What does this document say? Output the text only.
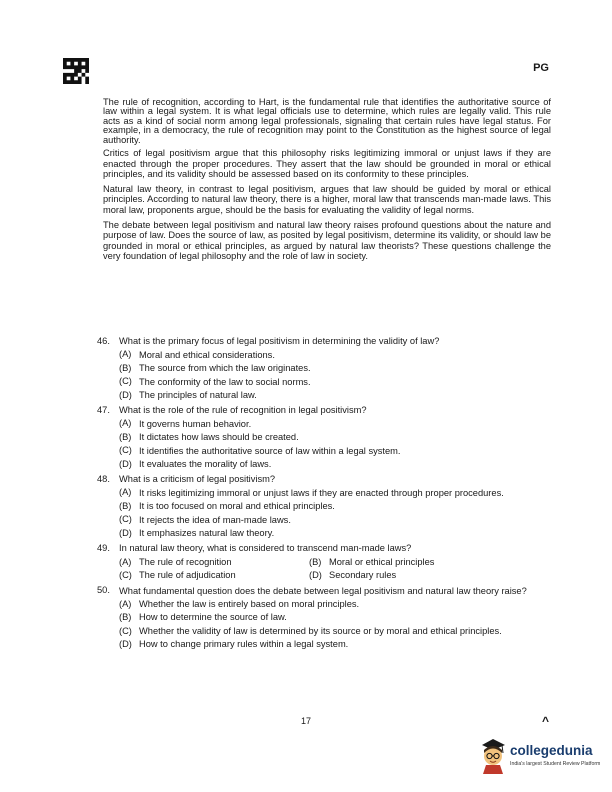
PG

The rule of recognition, according to Hart, is the fundamental rule that identifies the authoritative source of law within a legal system. It is what legal officials use to determine, which rules are legally valid. This rule acts as a kind of social norm among legal professionals, signaling that certain rules have legal status. For example, in a democracy, the rule of recognition may point to the Constitution as the highest source of legal authority.

Critics of legal positivism argue that this philosophy risks legitimizing immoral or unjust laws if they are enacted through the proper procedures. They assert that the law should be grounded in moral or ethical principles, and its validity should be assessed based on its conformity to these principles.

Natural law theory, in contrast to legal positivism, argues that law should be guided by moral or ethical principles. According to natural law theory, there is a higher, moral law that transcends man-made laws. This moral law, proponents argue, should be the basis for evaluating the validity of legal norms.

The debate between legal positivism and natural law theory raises profound questions about the nature and purpose of law. Does the source of law, as posited by legal positivism, determine its validity, or should law be grounded in moral or ethical principles, as argued by natural law theorists? These questions challenge the very foundation of legal philosophy and the role of law in society.

46. What is the primary focus of legal positivism in determining the validity of law?
(A) Moral and ethical considerations.
(B) The source from which the law originates.
(C) The conformity of the law to social norms.
(D) The principles of natural law.
47. What is the role of the rule of recognition in legal positivism?
(A) It governs human behavior.
(B) It dictates how laws should be created.
(C) It identifies the authoritative source of law within a legal system.
(D) It evaluates the morality of laws.
48. What is a criticism of legal positivism?
(A) It risks legitimizing immoral or unjust laws if they are enacted through proper procedures.
(B) It is too focused on moral and ethical principles.
(C) It rejects the idea of man-made laws.
(D) It emphasizes natural law theory.
49. In natural law theory, what is considered to transcend man-made laws?
(A) The rule of recognition	(B) Moral or ethical principles
(C) The rule of adjudication	(D) Secondary rules
50. What fundamental question does the debate between legal positivism and natural law theory raise?
(A) Whether the law is entirely based on moral principles.
(B) How to determine the source of law.
(C) Whether the validity of law is determined by its source or by moral and ethical principles.
(D) How to change primary rules within a legal system.
17	^
collegedunia
India's largest Student Review Platform
